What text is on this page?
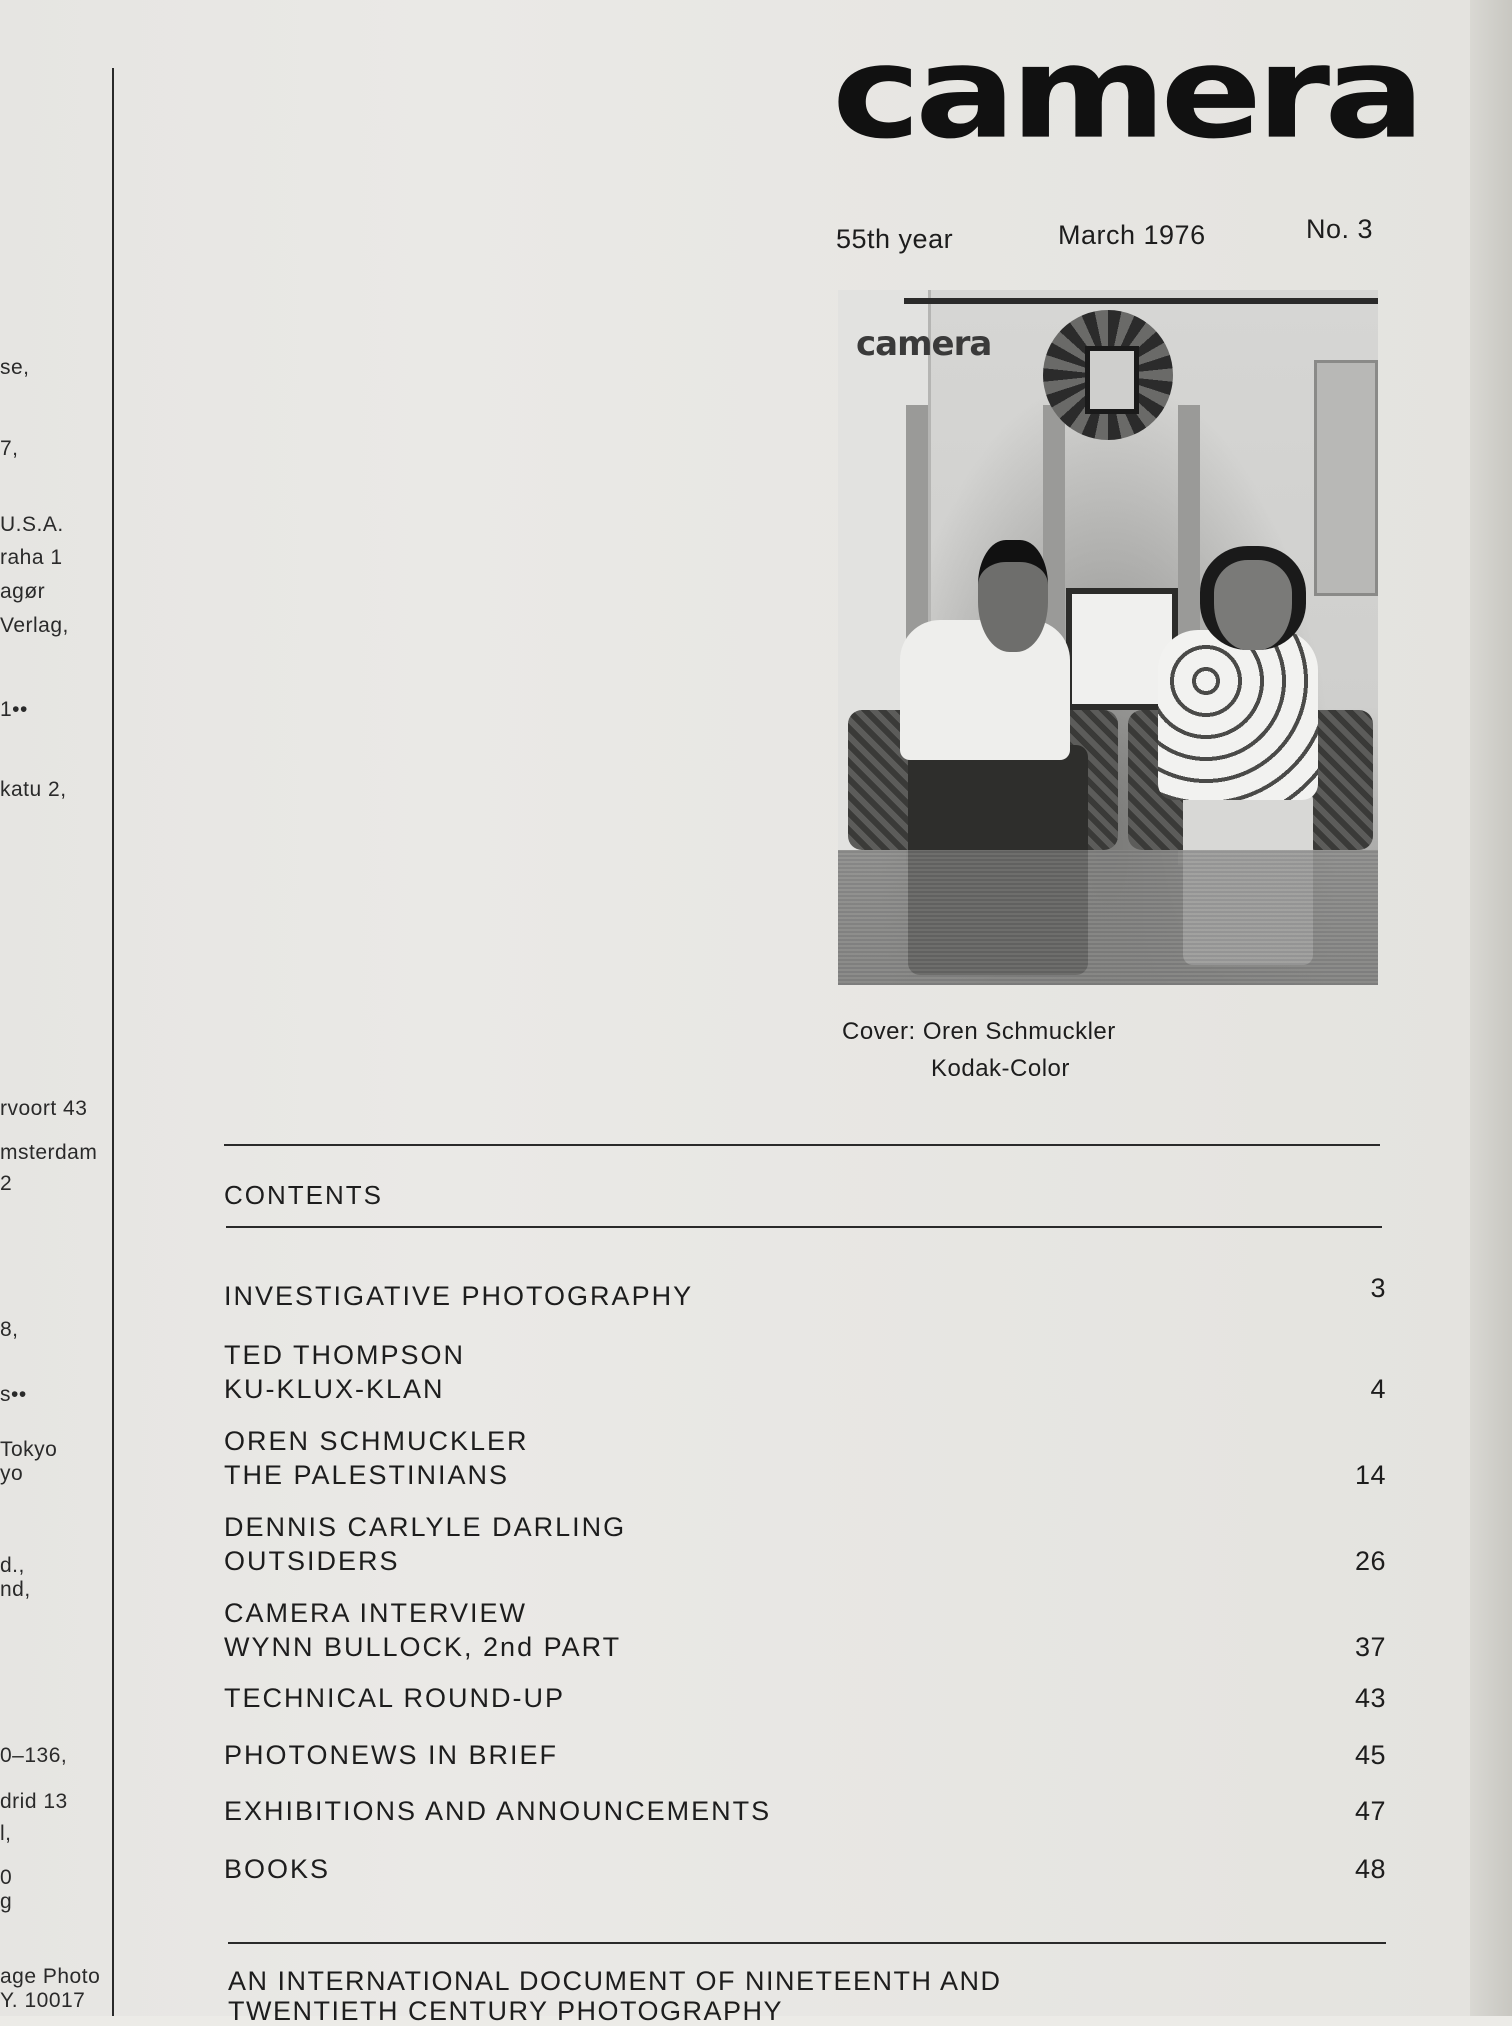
se,
7,
U.S.A.
raha 1
agør
Verlag,
1••
katu 2,
rvoort 43
msterdam
2
8,
s••
Tokyo
yo
d.,
nd,
0–136,
drid 13
l,
0
g
age Photo
Y. 10017
camera
55th year	March 1976	No. 3
camera
Cover: Oren Schmuckler
Kodak-Color
CONTENTS
INVESTIGATIVE PHOTOGRAPHY	3
TED THOMPSON
KU-KLUX-KLAN	4
OREN SCHMUCKLER
THE PALESTINIANS	14
DENNIS CARLYLE DARLING
OUTSIDERS	26
CAMERA INTERVIEW
WYNN BULLOCK, 2nd PART	37
TECHNICAL ROUND-UP	43
PHOTONEWS IN BRIEF	45
EXHIBITIONS AND ANNOUNCEMENTS	47
BOOKS	48
AN INTERNATIONAL DOCUMENT OF NINETEENTH AND
TWENTIETH CENTURY PHOTOGRAPHY
